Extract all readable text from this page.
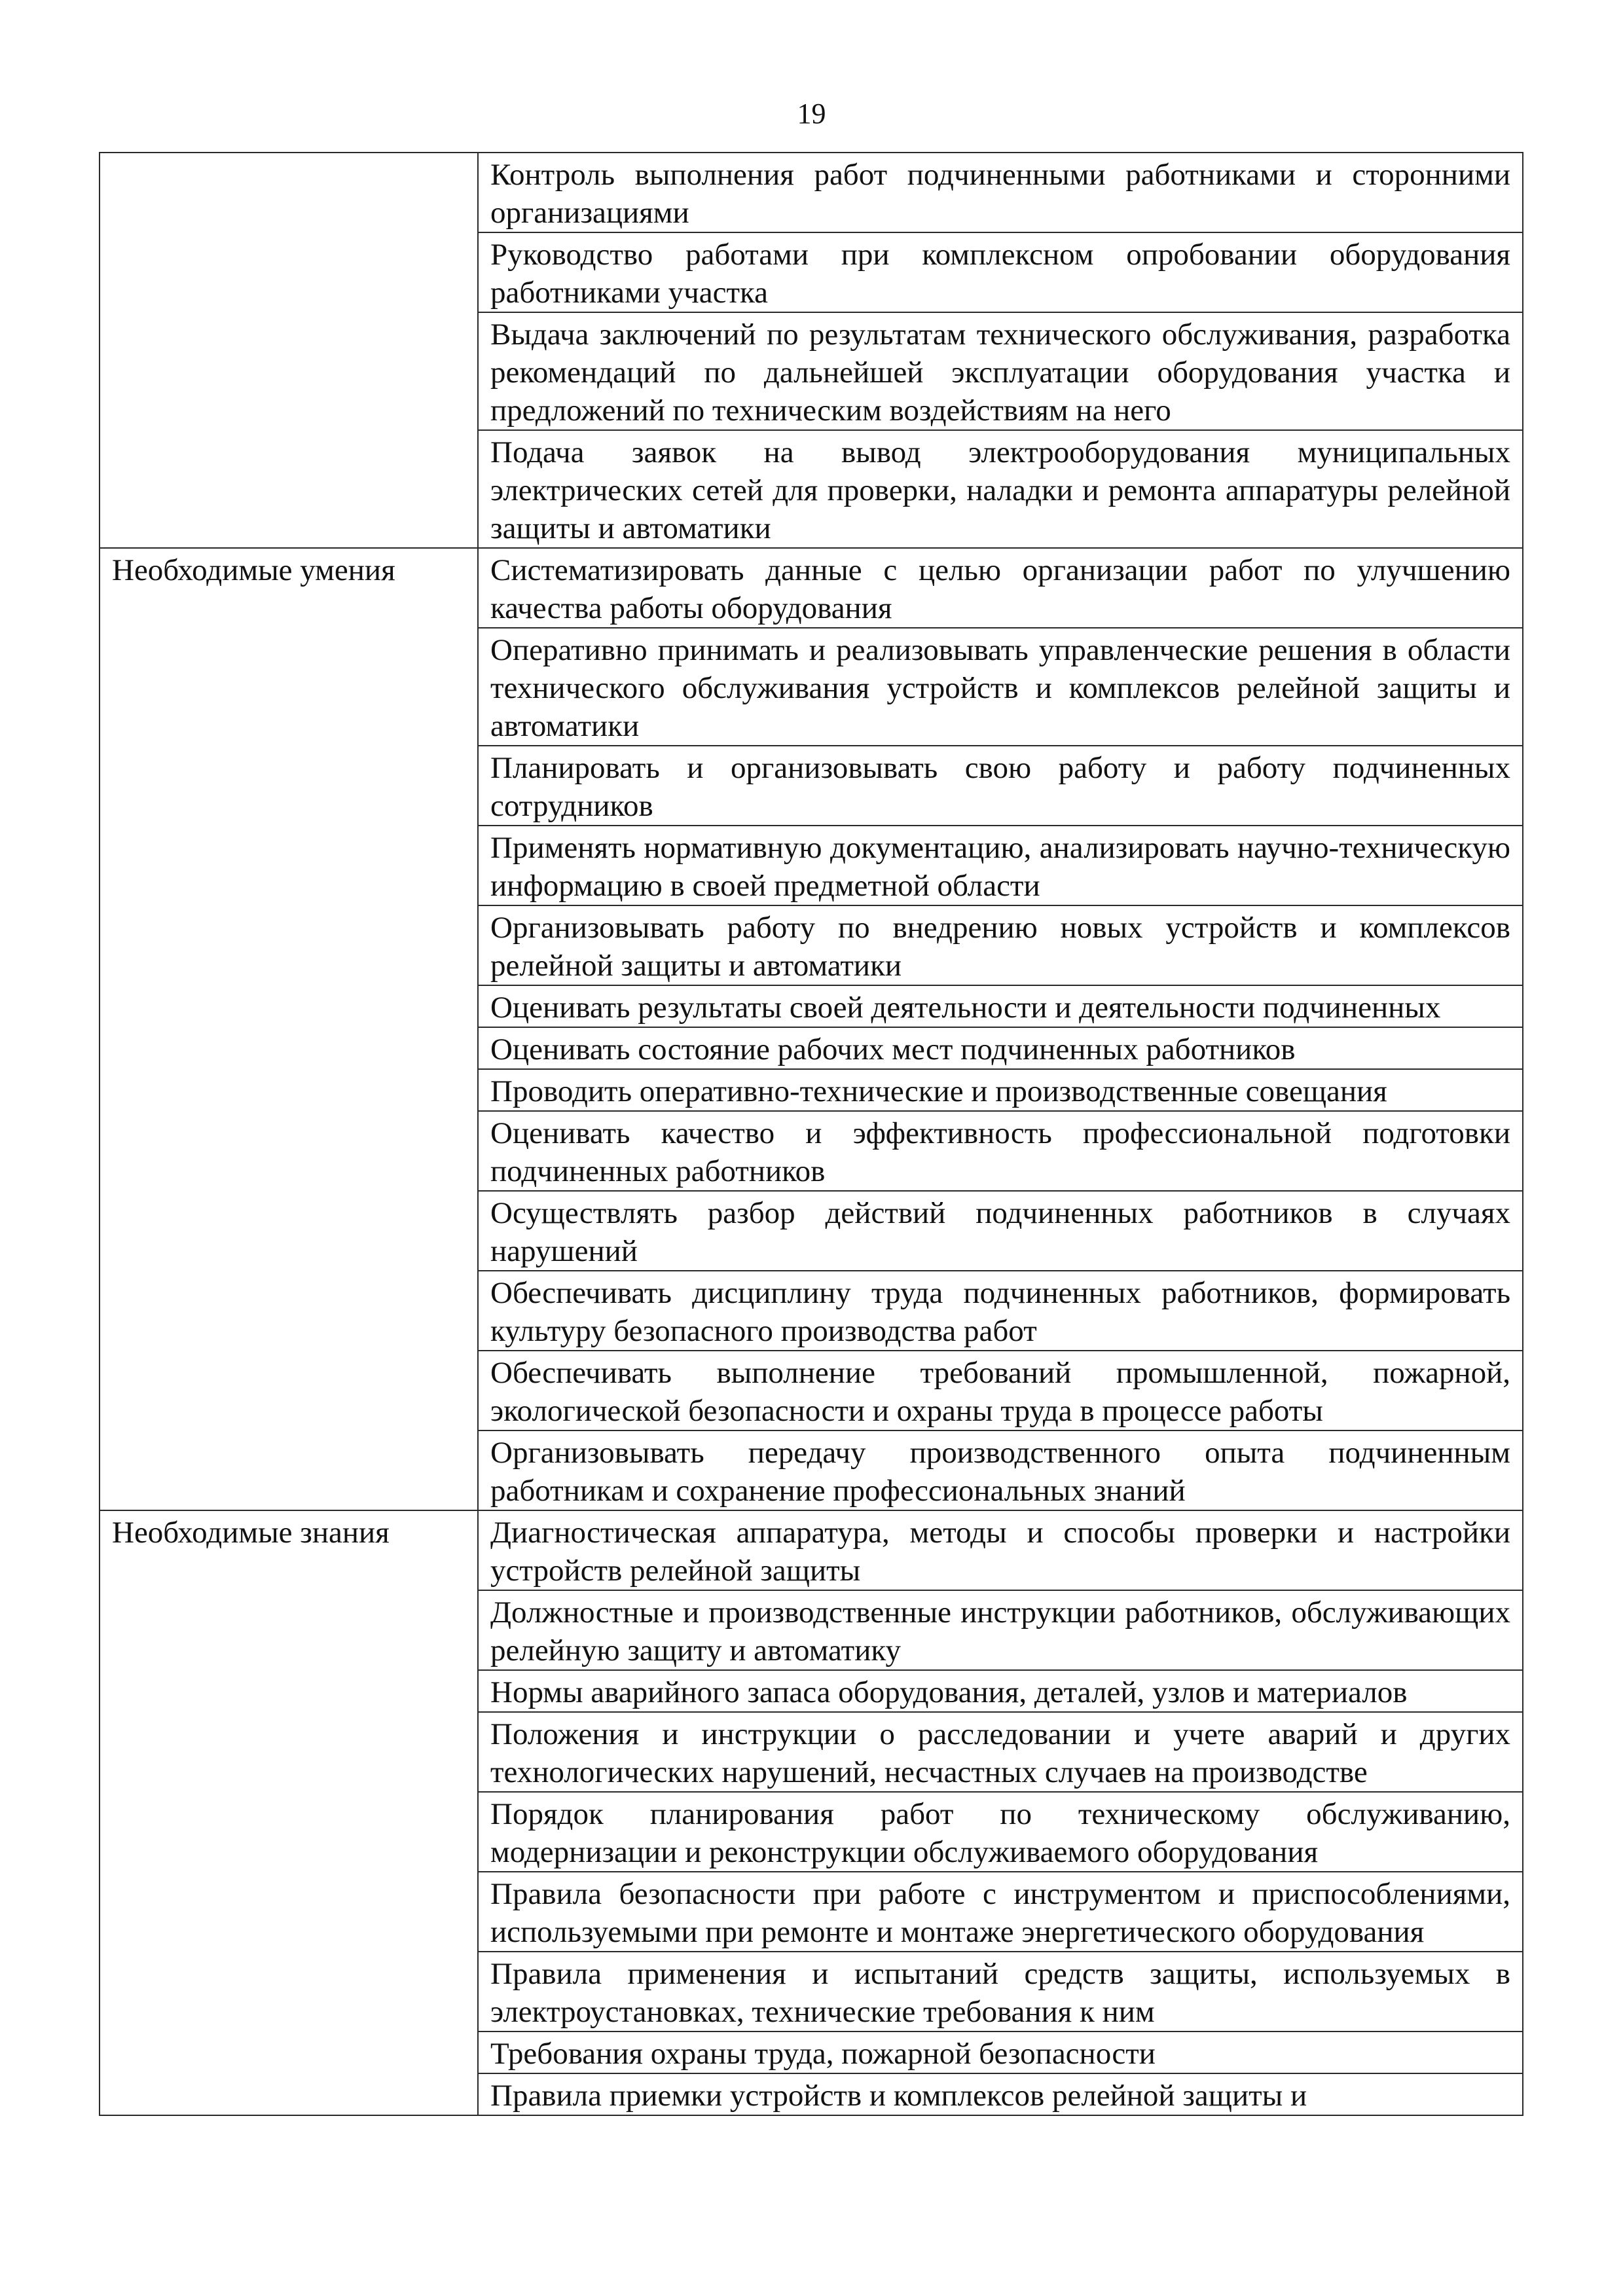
19
	Контроль выполнения работ подчиненными работниками и сторонними организациями
	Руководство работами при комплексном опробовании оборудования работниками участка
	Выдача заключений по результатам технического обслуживания, разработка рекомендаций по дальнейшей эксплуатации оборудования участка и предложений по техническим воздействиям на него
	Подача заявок на вывод электрооборудования муниципальных электрических сетей для проверки, наладки и ремонта аппаратуры релейной защиты и автоматики
Необходимые умения	Систематизировать данные с целью организации работ по улучшению качества работы оборудования
	Оперативно принимать и реализовывать управленческие решения в области технического обслуживания устройств и комплексов релейной защиты и автоматики
	Планировать и организовывать свою работу и работу подчиненных сотрудников
	Применять нормативную документацию, анализировать научно-техническую информацию в своей предметной области
	Организовывать работу по внедрению новых устройств и комплексов релейной защиты и автоматики
	Оценивать результаты своей деятельности и деятельности подчиненных
	Оценивать состояние рабочих мест подчиненных работников
	Проводить оперативно-технические и производственные совещания
	Оценивать качество и эффективность профессиональной подготовки подчиненных работников
	Осуществлять разбор действий подчиненных работников в случаях нарушений
	Обеспечивать дисциплину труда подчиненных работников, формировать культуру безопасного производства работ
	Обеспечивать выполнение требований промышленной, пожарной, экологической безопасности и охраны труда в процессе работы
	Организовывать передачу производственного опыта подчиненным работникам и сохранение профессиональных знаний
Необходимые знания	Диагностическая аппаратура, методы и способы проверки и настройки устройств релейной защиты
	Должностные и производственные инструкции работников, обслуживающих релейную защиту и автоматику
	Нормы аварийного запаса оборудования, деталей, узлов и материалов
	Положения и инструкции о расследовании и учете аварий и других технологических нарушений, несчастных случаев на производстве
	Порядок планирования работ по техническому обслуживанию, модернизации и реконструкции обслуживаемого оборудования
	Правила безопасности при работе с инструментом и приспособлениями, используемыми при ремонте и монтаже энергетического оборудования
	Правила применения и испытаний средств защиты, используемых в электроустановках, технические требования к ним
	Требования охраны труда, пожарной безопасности
	Правила приемки устройств и комплексов релейной защиты и
